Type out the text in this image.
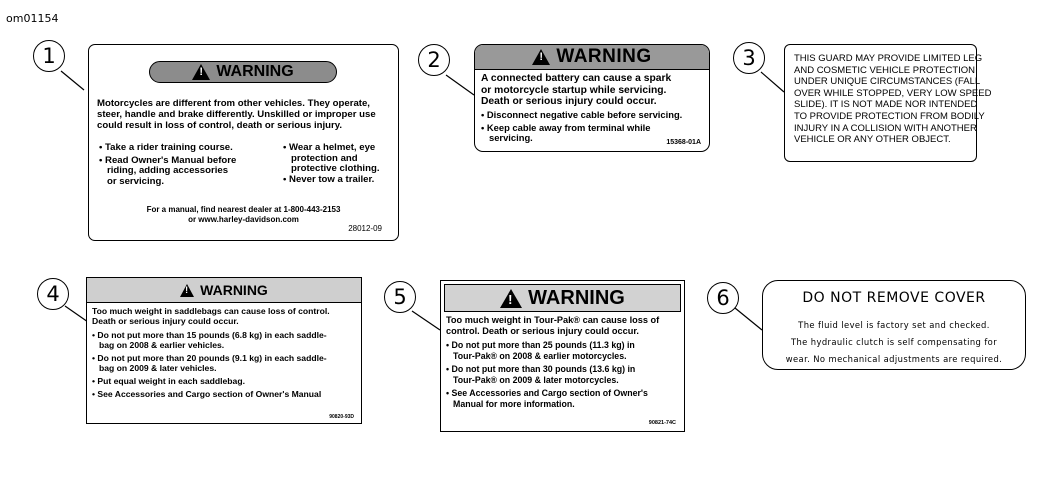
om01154
1	2	3
4	5	6
!
WARNING
Motorcycles are different from other vehicles. They operate,
steer, handle and brake differently. Unskilled or improper use
could result in loss of control, death or serious injury.
• Take a rider training course.
• Read Owner's Manual before
riding, adding accessories
or servicing.
• Wear a helmet, eye
protection and
protective clothing.
• Never tow a trailer.
For a manual, find nearest dealer at 1-800-443-2153
or www.harley-davidson.com
28012-09
!
WARNING
A connected battery can cause a spark
or motorcycle startup while servicing.
Death or serious injury could occur.
• Disconnect negative cable before servicing.
• Keep cable away from terminal while
servicing.	15368-01A
THIS GUARD MAY PROVIDE LIMITED LEG
AND COSMETIC VEHICLE PROTECTION
UNDER UNIQUE CIRCUMSTANCES (FALL
OVER WHILE STOPPED, VERY LOW SPEED
SLIDE). IT IS NOT MADE NOR INTENDED
TO PROVIDE PROTECTION FROM BODILY
INJURY IN A COLLISION WITH ANOTHER
VEHICLE OR ANY OTHER OBJECT.
!
WARNING
Too much weight in saddlebags can cause loss of control.
Death or serious injury could occur.
• Do not put more than 15 pounds (6.8 kg) in each saddle-
bag on 2008 & earlier vehicles.
• Do not put more than 20 pounds (9.1 kg) in each saddle-
bag on 2009 & later vehicles.
• Put equal weight in each saddlebag.
• See Accessories and Cargo section of Owner's Manual
90820-93D
!
WARNING
Too much weight in Tour-Pak® can cause loss of
control. Death or serious injury could occur.
• Do not put more than 25 pounds (11.3 kg) in
Tour-Pak® on 2008 & earlier motorcycles.
• Do not put more than 30 pounds (13.6 kg) in
Tour-Pak® on 2009 & later motorcycles.
• See Accessories and Cargo section of Owner's
Manual for more information.
90821-74C
DO NOT REMOVE COVER
The fluid level is factory set and checked.
The hydraulic clutch is self compensating for
wear. No mechanical adjustments are required.
